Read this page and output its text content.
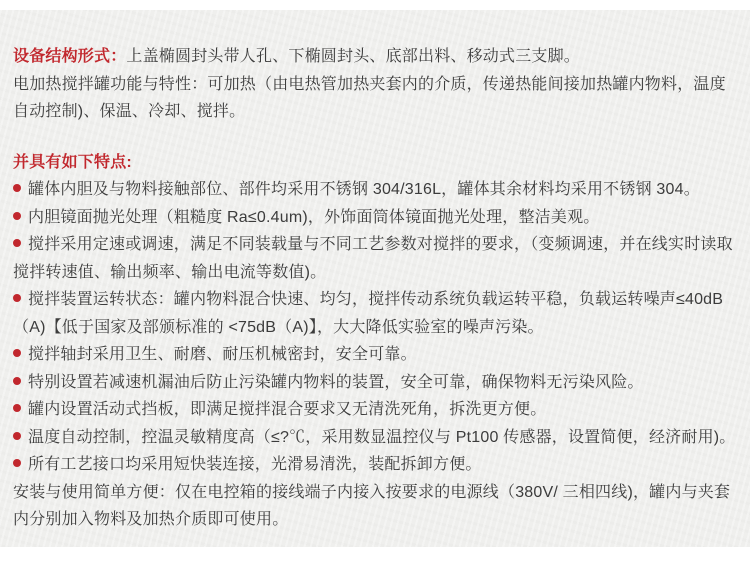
设备结构形式：上盖椭圆封头带人孔、下椭圆封头、底部出料、移动式三支脚。

电加热搅拌罐功能与特性：可加热（由电热管加热夹套内的介质，传递热能间接加热罐内物料，温度自动控制)、保温、冷却、搅拌。

并具有如下特点:

罐体内胆及与物料接触部位、部件均采用不锈钢 304/316L，罐体其余材料均采用不锈钢 304。

内胆镜面抛光处理（粗糙度 Ra≤0.4um)，外饰面筒体镜面抛光处理，整洁美观。

搅拌采用定速或调速，满足不同装载量与不同工艺参数对搅拌的要求，（变频调速，并在线实时读取搅拌转速值、输出频率、输出电流等数值)。

搅拌装置运转状态：罐内物料混合快速、均匀，搅拌传动系统负载运转平稳，负载运转噪声≤40dB（A)【低于国家及部颁标准的 <75dB（A)】，大大降低实验室的噪声污染。

搅拌轴封采用卫生、耐磨、耐压机械密封，安全可靠。

特别设置若减速机漏油后防止污染罐内物料的装置，安全可靠，确保物料无污染风险。

罐内设置活动式挡板，即满足搅拌混合要求又无清洗死角，拆洗更方便。

温度自动控制，控温灵敏精度高（≤?℃，采用数显温控仪与 Pt100 传感器，设置简便，经济耐用)。

所有工艺接口均采用短快装连接，光滑易清洗，装配拆卸方便。

安装与使用简单方便：仅在电控箱的接线端子内接入按要求的电源线（380V/ 三相四线)，罐内与夹套内分别加入物料及加热介质即可使用。
